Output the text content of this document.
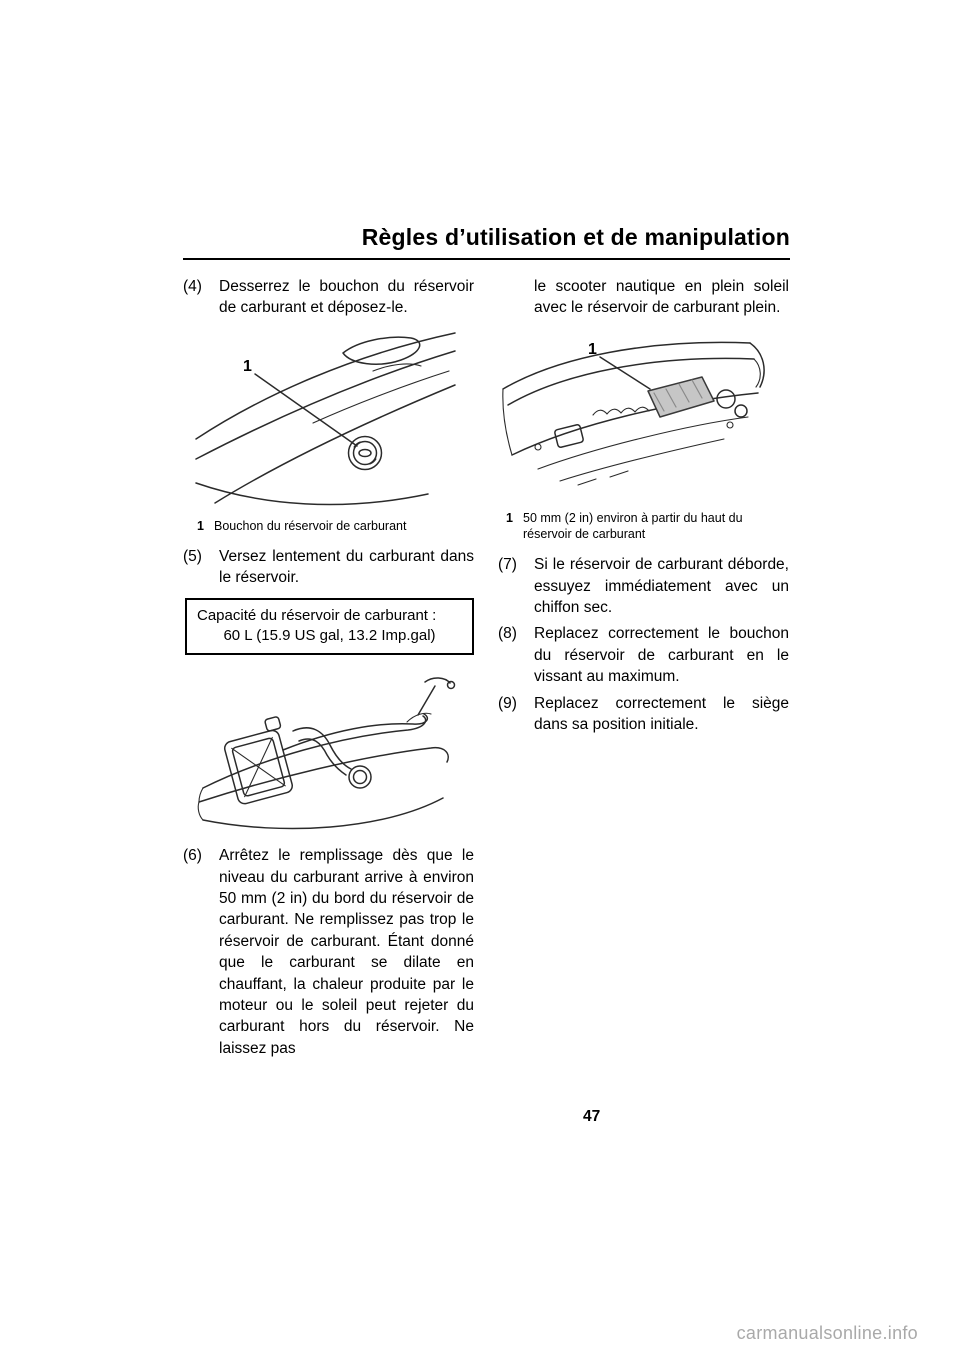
Règles d’utilisation et de manipulation
(4)	Desserrez le bouchon du réservoir de carburant et déposez-le.
1
1 Bouchon du réservoir de carburant
(5)	Versez lentement du carburant dans le réservoir.
Capacité du réservoir de carburant :
60 L (15.9 US gal, 13.2 Imp.gal)
(6)	Arrêtez le remplissage dès que le niveau du carburant arrive à environ 50 mm (2 in) du bord du réservoir de carburant. Ne remplissez pas trop le réservoir de carburant. Étant donné que le carburant se dilate en chauffant, la chaleur produite par le moteur ou le soleil peut rejeter du carburant hors du réservoir. Ne laissez pas
le scooter nautique en plein soleil avec le réservoir de carburant plein.
1
1 50 mm (2 in) environ à partir du haut du réservoir de carburant
(7)	Si le réservoir de carburant déborde, essuyez immédiatement avec un chiffon sec.
(8)	Replacez correctement le bouchon du réservoir de carburant en le vissant au maximum.
(9)	Replacez correctement le siège dans sa position initiale.
47
carmanualsonline.info
